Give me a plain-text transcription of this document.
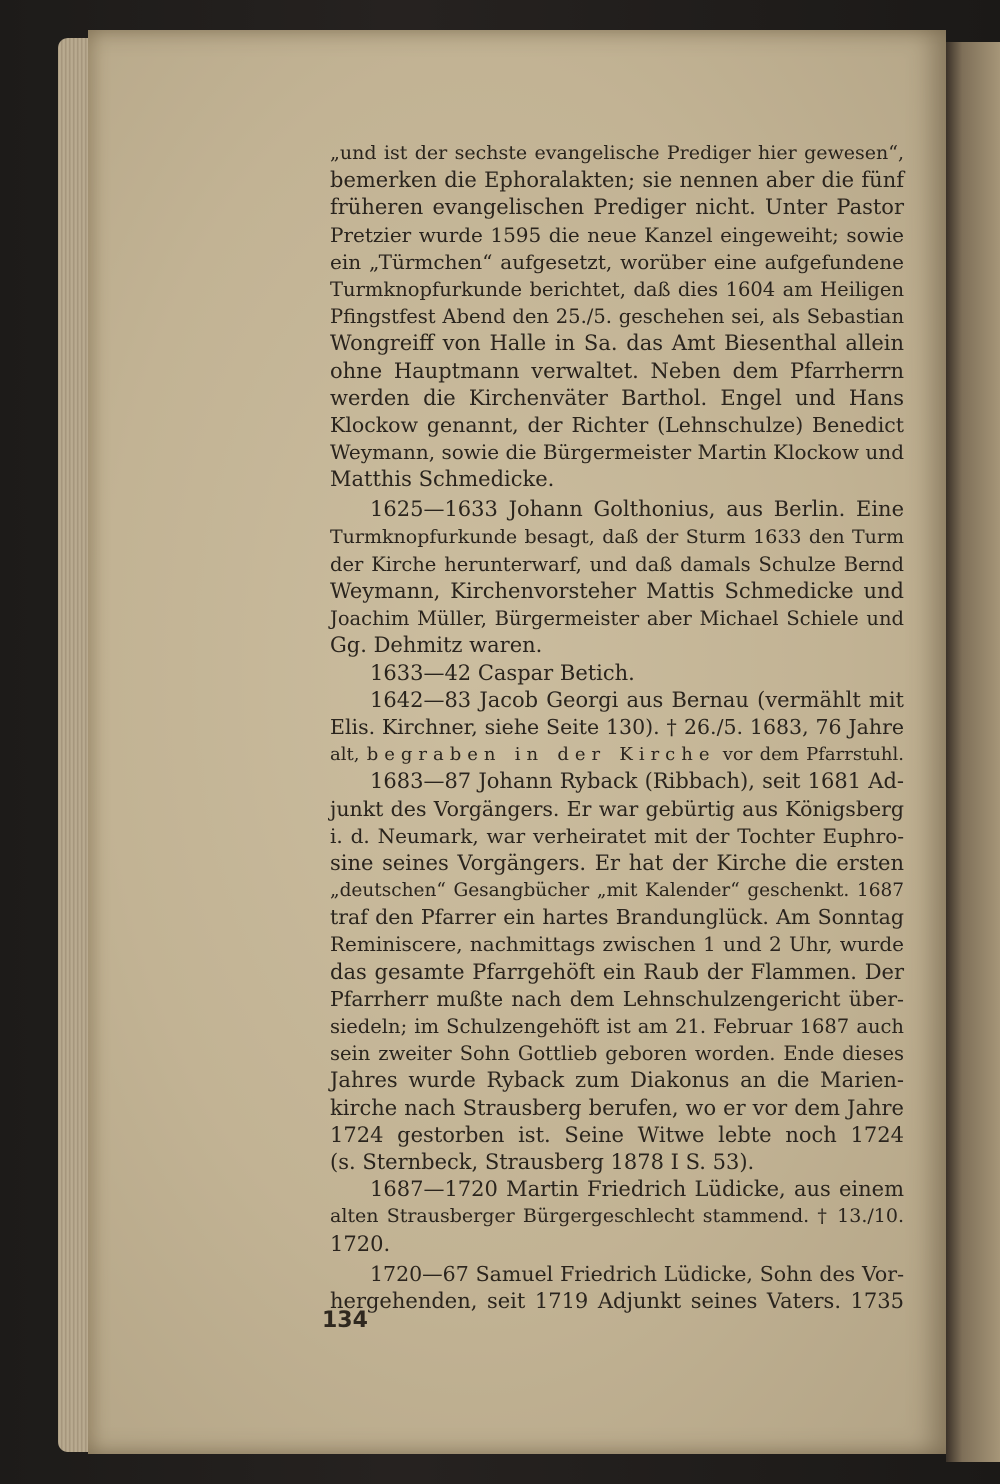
„und ist der sechste evangelische Prediger hier gewesen“,
bemerken die Ephoralakten; sie nennen aber die fünf
früheren evangelischen Prediger nicht. Unter Pastor
Pretzier wurde 1595 die neue Kanzel eingeweiht; sowie
ein „Türmchen“ aufgesetzt, worüber eine aufgefundene
Turmknopfurkunde berichtet, daß dies 1604 am Heiligen
Pfingstfest Abend den 25./5. geschehen sei, als Sebastian
Wongreiff von Halle in Sa. das Amt Biesenthal allein
ohne Hauptmann verwaltet. Neben dem Pfarrherrn
werden die Kirchenväter Barthol. Engel und Hans
Klockow genannt, der Richter (Lehnschulze) Benedict
Weymann, sowie die Bürgermeister Martin Klockow und
Matthis Schmedicke.
1625—1633 Johann Golthonius, aus Berlin. Eine
Turmknopfurkunde besagt, daß der Sturm 1633 den Turm
der Kirche herunterwarf, und daß damals Schulze Bernd
Weymann, Kirchenvorsteher Mattis Schmedicke und
Joachim Müller, Bürgermeister aber Michael Schiele und
Gg. Dehmitz waren.
1633—42 Caspar Betich.
1642—83 Jacob Georgi aus Bernau (vermählt mit
Elis. Kirchner, siehe Seite 130). † 26./5. 1683, 76 Jahre
alt, begraben in der Kirche vor dem Pfarrstuhl.
1683—87 Johann Ryback (Ribbach), seit 1681 Ad-
junkt des Vorgängers. Er war gebürtig aus Königsberg
i. d. Neumark, war verheiratet mit der Tochter Euphro-
sine seines Vorgängers. Er hat der Kirche die ersten
„deutschen“ Gesangbücher „mit Kalender“ geschenkt. 1687
traf den Pfarrer ein hartes Brandunglück. Am Sonntag
Reminiscere, nachmittags zwischen 1 und 2 Uhr, wurde
das gesamte Pfarrgehöft ein Raub der Flammen. Der
Pfarrherr mußte nach dem Lehnschulzengericht über-
siedeln; im Schulzengehöft ist am 21. Februar 1687 auch
sein zweiter Sohn Gottlieb geboren worden. Ende dieses
Jahres wurde Ryback zum Diakonus an die Marien-
kirche nach Strausberg berufen, wo er vor dem Jahre
1724 gestorben ist. Seine Witwe lebte noch 1724
(s. Sternbeck, Strausberg 1878 I S. 53).
1687—1720 Martin Friedrich Lüdicke, aus einem
alten Strausberger Bürgergeschlecht stammend. † 13./10.
1720.
1720—67 Samuel Friedrich Lüdicke, Sohn des Vor-
hergehenden, seit 1719 Adjunkt seines Vaters. 1735
134
